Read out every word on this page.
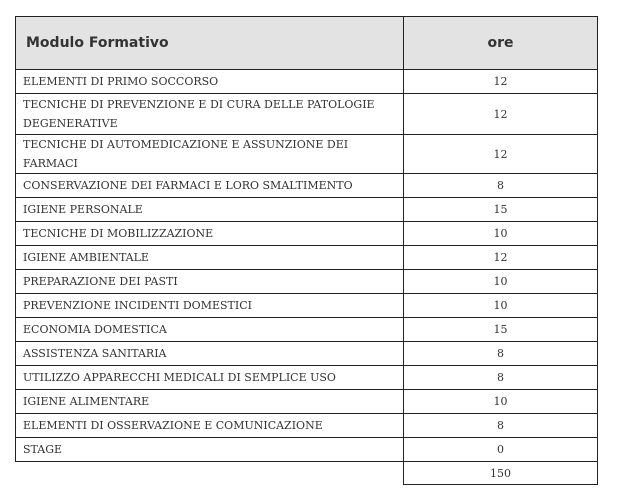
Modulo Formativo	ore
ELEMENTI DI PRIMO SOCCORSO	12
TECNICHE DI PREVENZIONE E DI CURA DELLE PATOLOGIE DEGENERATIVE	12
TECNICHE DI AUTOMEDICAZIONE E ASSUNZIONE DEI FARMACI	12
CONSERVAZIONE DEI FARMACI E LORO SMALTIMENTO	8
IGIENE PERSONALE	15
TECNICHE DI MOBILIZZAZIONE	10
IGIENE AMBIENTALE	12
PREPARAZIONE DEI PASTI	10
PREVENZIONE INCIDENTI DOMESTICI	10
ECONOMIA DOMESTICA	15
ASSISTENZA SANITARIA	8
UTILIZZO APPARECCHI MEDICALI DI SEMPLICE USO	8
IGIENE ALIMENTARE	10
ELEMENTI DI OSSERVAZIONE E COMUNICAZIONE	8
STAGE	0
	150
